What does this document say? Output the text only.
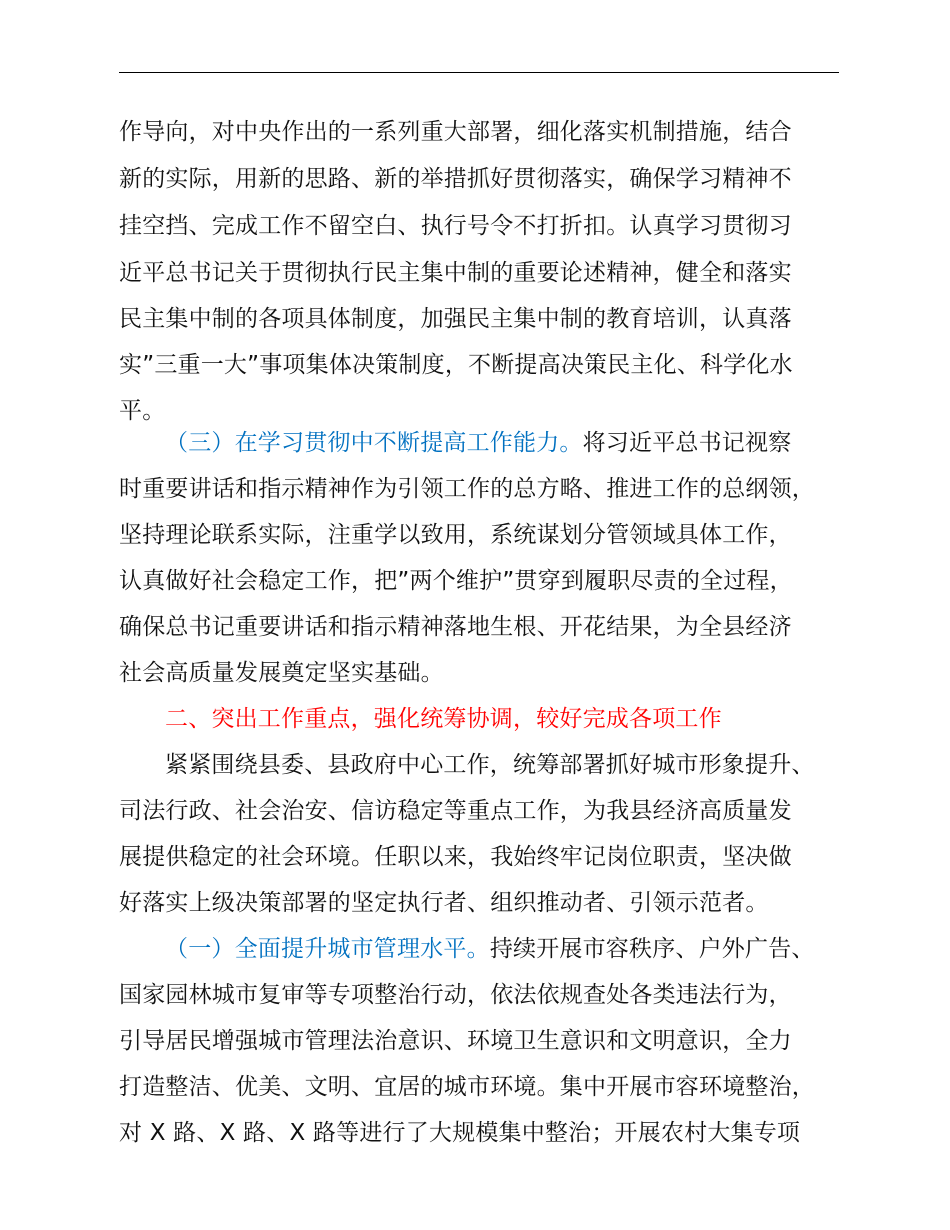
作导向，对中央作出的一系列重大部署，细化落实机制措施，结合
新的实际，用新的思路、新的举措抓好贯彻落实，确保学习精神不
挂空挡、完成工作不留空白、执行号令不打折扣。认真学习贯彻习
近平总书记关于贯彻执行民主集中制的重要论述精神，健全和落实
民主集中制的各项具体制度，加强民主集中制的教育培训，认真落
实”三重一大”事项集体决策制度，不断提高决策民主化、科学化水
平。
（三）在学习贯彻中不断提高工作能力。将习近平总书记视察
时重要讲话和指示精神作为引领工作的总方略、推进工作的总纲领，
坚持理论联系实际，注重学以致用，系统谋划分管领域具体工作，
认真做好社会稳定工作，把”两个维护”贯穿到履职尽责的全过程，
确保总书记重要讲话和指示精神落地生根、开花结果，为全县经济
社会高质量发展奠定坚实基础。
二、突出工作重点，强化统筹协调，较好完成各项工作
紧紧围绕县委、县政府中心工作，统筹部署抓好城市形象提升、
司法行政、社会治安、信访稳定等重点工作，为我县经济高质量发
展提供稳定的社会环境。任职以来，我始终牢记岗位职责，坚决做
好落实上级决策部署的坚定执行者、组织推动者、引领示范者。
（一）全面提升城市管理水平。持续开展市容秩序、户外广告、
国家园林城市复审等专项整治行动，依法依规查处各类违法行为，
引导居民增强城市管理法治意识、环境卫生意识和文明意识，全力
打造整洁、优美、文明、宜居的城市环境。集中开展市容环境整治，
对 X 路、X 路、X 路等进行了大规模集中整治；开展农村大集专项
